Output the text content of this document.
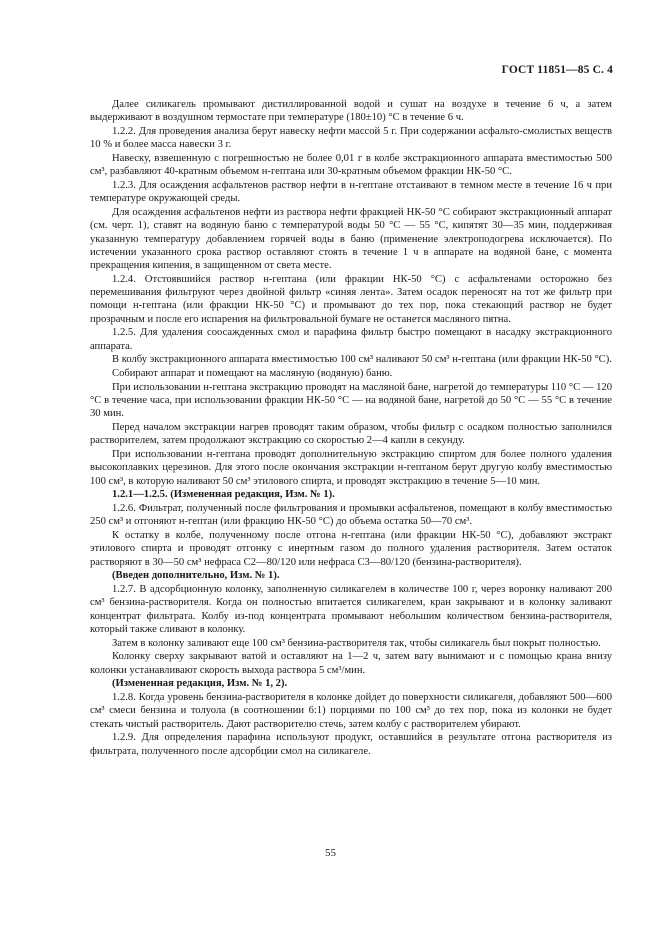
ГОСТ 11851—85 С. 4

Далее силикагель промывают дистиллированной водой и сушат на воздухе в течение 6 ч, а затем выдерживают в воздушном термостате при температуре (180±10) °С в течение 6 ч.

1.2.2. Для проведения анализа берут навеску нефти массой 5 г. При содержании асфальто-смолистых веществ 10 % и более масса навески 3 г.

Навеску, взвешенную с погрешностью не более 0,01 г в колбе экстракционного аппарата вместимостью 500 см³, разбавляют 40-кратным объемом н-гептана или 30-кратным объемом фракции НК-50 °С.

1.2.3. Для осаждения асфальтенов раствор нефти в н-гептане отстаивают в темном месте в течение 16 ч при температуре окружающей среды.

Для осаждения асфальтенов нефти из раствора нефти фракцией НК-50 °С собирают экстракционный аппарат (см. черт. 1), ставят на водяную баню с температурой воды 50 °С — 55 °С, кипятят 30—35 мин, поддерживая указанную температуру добавлением горячей воды в баню (применение электроподогрева исключается). По истечении указанного срока раствор оставляют стоять в течение 1 ч в аппарате на водяной бане, с момента прекращения кипения, в защищенном от света месте.

1.2.4. Отстоявшийся раствор н-гептана (или фракции НК-50 °С) с асфальтенами осторожно без перемешивания фильтруют через двойной фильтр «синяя лента». Затем осадок переносят на тот же фильтр при помощи н-гептана (или фракции НК-50 °С) и промывают до тех пор, пока стекающий раствор не будет прозрачным и после его испарения на фильтровальной бумаге не останется масляного пятна.

1.2.5. Для удаления соосажденных смол и парафина фильтр быстро помещают в насадку экстракционного аппарата.

В колбу экстракционного аппарата вместимостью 100 см³ наливают 50 см³ н-гептана (или фракции НК-50 °С).

Собирают аппарат и помещают на масляную (водяную) баню.

При использовании н-гептана экстракцию проводят на масляной бане, нагретой до температуры 110 °С — 120 °С в течение часа, при использовании фракции НК-50 °С — на водяной бане, нагретой до 50 °С — 55 °С в течение 30 мин.

Перед началом экстракции нагрев проводят таким образом, чтобы фильтр с осадком полностью заполнился растворителем, затем продолжают экстракцию со скоростью 2—4 капли в секунду.

При использовании н-гептана проводят дополнительную экстракцию спиртом для более полного удаления высокоплавких церезинов. Для этого после окончания экстракции н-гептаном берут другую колбу вместимостью 100 см³, в которую наливают 50 см³ этилового спирта, и проводят экстракцию в течение 5—10 мин.

1.2.1—1.2.5. (Измененная редакция, Изм. № 1).

1.2.6. Фильтрат, полученный после фильтрования и промывки асфальтенов, помещают в колбу вместимостью 250 см³ и отгоняют н-гептан (или фракцию НК-50 °С) до объема остатка 50—70 см³.

К остатку в колбе, полученному после отгона н-гептана (или фракции НК-50 °С), добавляют экстракт этилового спирта и проводят отгонку с инертным газом до полного удаления растворителя. Затем остаток растворяют в 30—50 см³ нефраса С2—80/120 или нефраса С3—80/120 (бензина-растворителя).

(Введен дополнительно, Изм. № 1).

1.2.7. В адсорбционную колонку, заполненную силикагелем в количестве 100 г, через воронку наливают 200 см³ бензина-растворителя. Когда он полностью впитается силикагелем, кран закрывают и в колонку заливают концентрат фильтрата. Колбу из-под концентрата промывают небольшим количеством бензина-растворителя, который также сливают в колонку.

Затем в колонку заливают еще 100 см³ бензина-растворителя так, чтобы силикагель был покрыт полностью.

Колонку сверху закрывают ватой и оставляют на 1—2 ч, затем вату вынимают и с помощью крана внизу колонки устанавливают скорость выхода раствора 5 см³/мин.

(Измененная редакция, Изм. № 1, 2).

1.2.8. Когда уровень бензина-растворителя в колонке дойдет до поверхности силикагеля, добавляют 500—600 см³ смеси бензина и толуола (в соотношении 6:1) порциями по 100 см³ до тех пор, пока из колонки не будет стекать чистый растворитель. Дают растворителю стечь, затем колбу с растворителем убирают.

1.2.9. Для определения парафина используют продукт, оставшийся в результате отгона растворителя из фильтрата, полученного после адсорбции смол на силикагеле.

55
